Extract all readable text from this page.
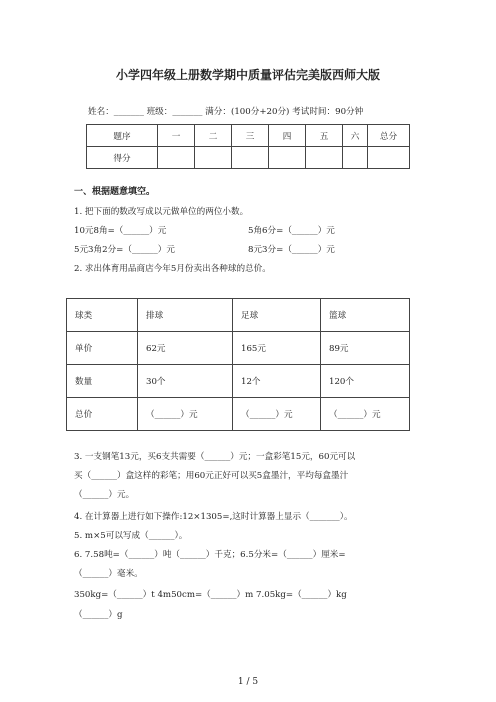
小学四年级上册数学期中质量评估完美版西师大版
姓名：_______ 班级：_______ 满分：(100分+20分) 考试时间：90分钟
题序	一	二	三	四	五	六	总分
得分							
一、根据题意填空。
1. 把下面的数改写成以元做单位的两位小数。
10元8角=（______）元	5角6分=（______）元
5元3角2分=（______）元	8元3分=（______）元
2. 求出体育用品商店今年5月份卖出各种球的总价。
球类	排球	足球	篮球
单价	62元	165元	89元
数量	30个	12个	120个
总价	（______）元	（______）元	（______）元
3. 一支钢笔13元，买6支共需要（______）元；一盒彩笔15元，60元可以
买（______）盒这样的彩笔；用60元正好可以买5盒墨汁，平均每盒墨汁
（______）元。
4. 在计算器上进行如下操作:12×1305=,这时计算器上显示（_______）。
5. m×5可以写成（______）。
6. 7.58吨=（______）吨（______）千克；6.5分米=（______）厘米=
（______）毫米。
350kg=（______）t 4m50cm=（______）m 7.05kg=（______）kg
（______）g
1 / 5
